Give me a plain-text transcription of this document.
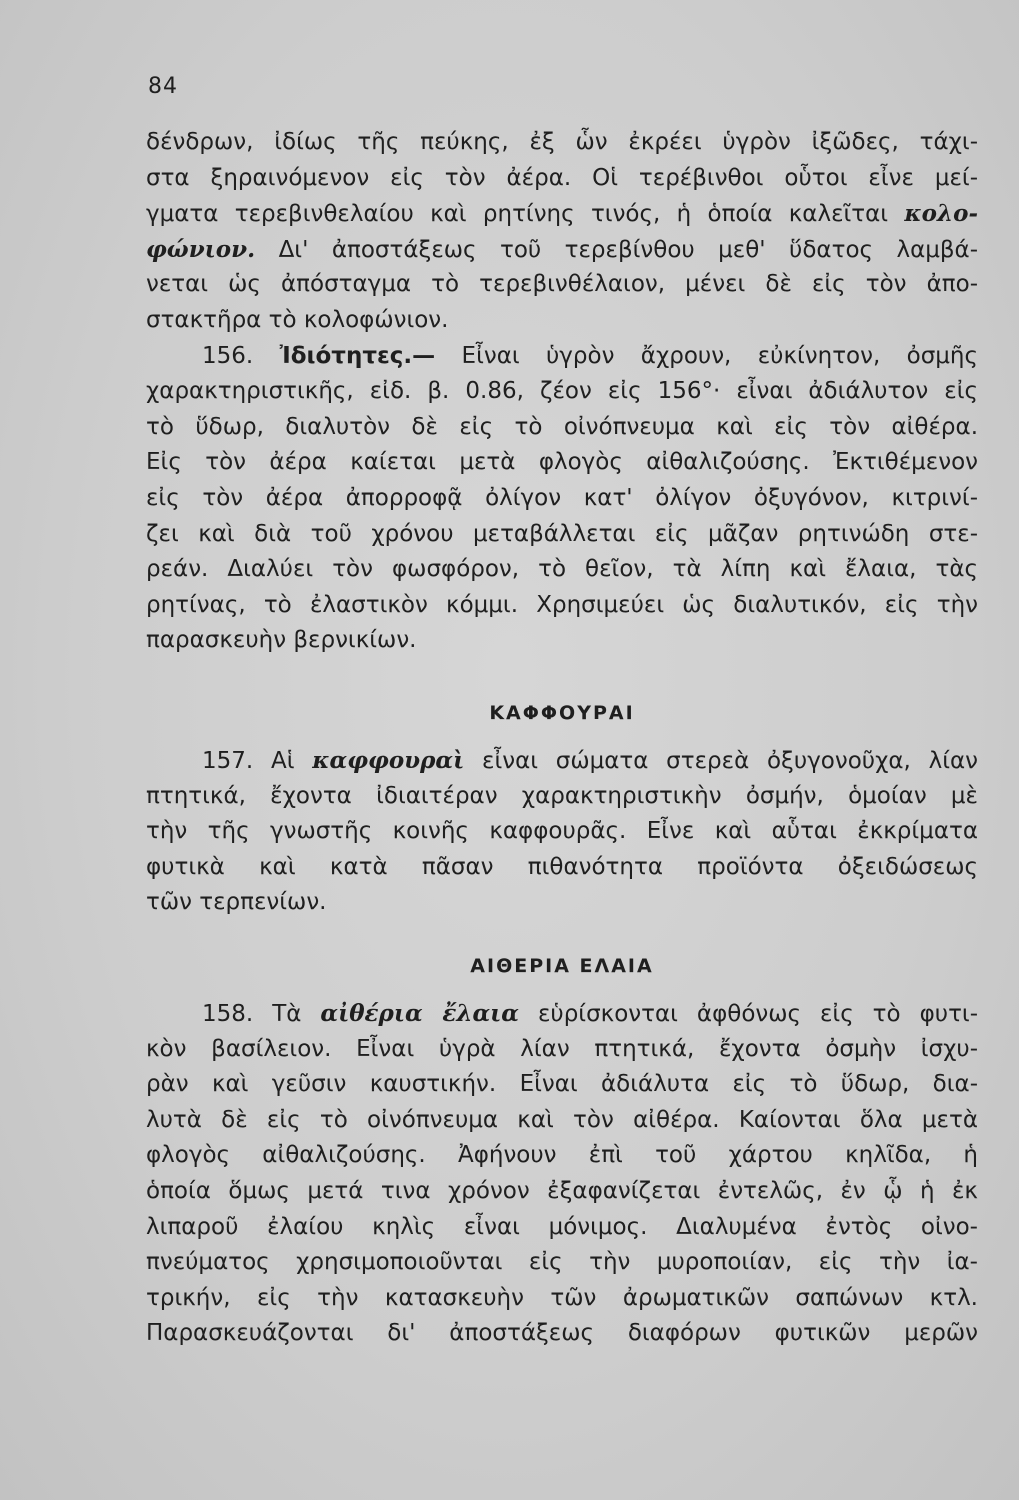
84
δένδρων, ἰδίως τῆς πεύκης, ἐξ ὧν ἐκρέει ὑγρὸν ἰξῶδες, τάχι-
στα ξηραινόμενον εἰς τὸν ἀέρα. Οἱ τερέβινθοι οὗτοι εἶνε μεί-
γματα τερεβινθελαίου καὶ ρητίνης τινός, ἡ ὁποία καλεῖται κολο-
φώνιον. Δι' ἀποστάξεως τοῦ τερεβίνθου μεθ' ὕδατος λαμβά-
νεται ὡς ἀπόσταγμα τὸ τερεβινθέλαιον, μένει δὲ εἰς τὸν ἀπο-
στακτῆρα τὸ κολοφώνιον.
156. Ἰδιότητες.— Εἶναι ὑγρὸν ἄχρουν, εὐκίνητον, ὀσμῆς
χαρακτηριστικῆς, εἰδ. β. 0.86, ζέον εἰς 156°· εἶναι ἀδιάλυτον εἰς
τὸ ὕδωρ, διαλυτὸν δὲ εἰς τὸ οἰνόπνευμα καὶ εἰς τὸν αἰθέρα.
Εἰς τὸν ἀέρα καίεται μετὰ φλογὸς αἰθαλιζούσης. Ἐκτιθέμενον
εἰς τὸν ἀέρα ἀπορροφᾷ ὀλίγον κατ' ὀλίγον ὀξυγόνον, κιτρινί-
ζει καὶ διὰ τοῦ χρόνου μεταβάλλεται εἰς μᾶζαν ρητινώδη στε-
ρεάν. Διαλύει τὸν φωσφόρον, τὸ θεῖον, τὰ λίπη καὶ ἔλαια, τὰς
ρητίνας, τὸ ἐλαστικὸν κόμμι. Χρησιμεύει ὡς διαλυτικόν, εἰς τὴν
παρασκευὴν βερνικίων.
ΚΑΦΦΟΥΡΑΙ
157. Αἱ καφφουραὶ εἶναι σώματα στερεὰ ὀξυγονοῦχα, λίαν
πτητικά, ἔχοντα ἰδιαιτέραν χαρακτηριστικὴν ὀσμήν, ὁμοίαν μὲ
τὴν τῆς γνωστῆς κοινῆς καφφουρᾶς. Εἶνε καὶ αὗται ἐκκρίματα
φυτικὰ καὶ κατὰ πᾶσαν πιθανότητα προϊόντα ὀξειδώσεως
τῶν τερπενίων.
ΑΙΘΕΡΙΑ ΕΛΑΙΑ
158. Τὰ αἰθέρια ἔλαια εὑρίσκονται ἀφθόνως εἰς τὸ φυτι-
κὸν βασίλειον. Εἶναι ὑγρὰ λίαν πτητικά, ἔχοντα ὀσμὴν ἰσχυ-
ρὰν καὶ γεῦσιν καυστικήν. Εἶναι ἀδιάλυτα εἰς τὸ ὕδωρ, δια-
λυτὰ δὲ εἰς τὸ οἰνόπνευμα καὶ τὸν αἰθέρα. Καίονται ὅλα μετὰ
φλογὸς αἰθαλιζούσης. Ἀφήνουν ἐπὶ τοῦ χάρτου κηλῖδα, ἡ
ὁποία ὅμως μετά τινα χρόνον ἐξαφανίζεται ἐντελῶς, ἐν ᾧ ἡ ἐκ
λιπαροῦ ἐλαίου κηλὶς εἶναι μόνιμος. Διαλυμένα ἐντὸς οἰνο-
πνεύματος χρησιμοποιοῦνται εἰς τὴν μυροποιίαν, εἰς τὴν ἰα-
τρικήν, εἰς τὴν κατασκευὴν τῶν ἀρωματικῶν σαπώνων κτλ.
Παρασκευάζονται δι' ἀποστάξεως διαφόρων φυτικῶν μερῶν
